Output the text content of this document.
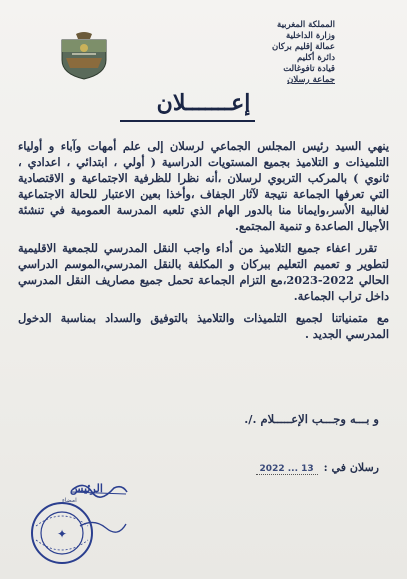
المملكة المغربية
وزارة الداخلية
عمالة إقليم بركان
دائرة أكليم
قيادة تافوغالت
جماعة رسلان
إعـــــــلان

ينهي السيد رئيس المجلس الجماعي لرسلان إلى علم أمهات وآباء و أولياء التلميذات و التلاميذ بجميع المستويات الدراسية ( أولي ، ابتدائي ، اعدادي ، ثانوي ) بالمركب التربوي لرسلان ،أنه نظرا للظرفية الاجتماعية و الاقتصادية التي تعرفها الجماعة نتيجة لآثار الجفاف ،وأخذا بعين الاعتبار للحالة الاجتماعية لغالبية الأسر،وايمانا منا بالدور الهام الذي تلعبه المدرسة العمومية في تنشئة الأجيال الصاعدة و تنمية المجتمع.

تقرر اعفاء جميع التلاميذ من أداء واجب النقل المدرسي للجمعية الاقليمية لتطوير و تعميم التعليم ببركان و المكلفة بالنقل المدرسي،الموسم الدراسي الحالي 2022-2023،مع التزام الجماعة تحمل جميع مصاريف النقل المدرسي داخل تراب الجماعة.

مع متمنياتنا لجميع التلميذات والتلاميذ بالتوفيق والسداد بمناسبة الدخول المدرسي الجديد .

و بـــه وجـــب الإعـــــلام ./.
رسلان في :
13 ... 2022
✦
الرئيس
امضاء
